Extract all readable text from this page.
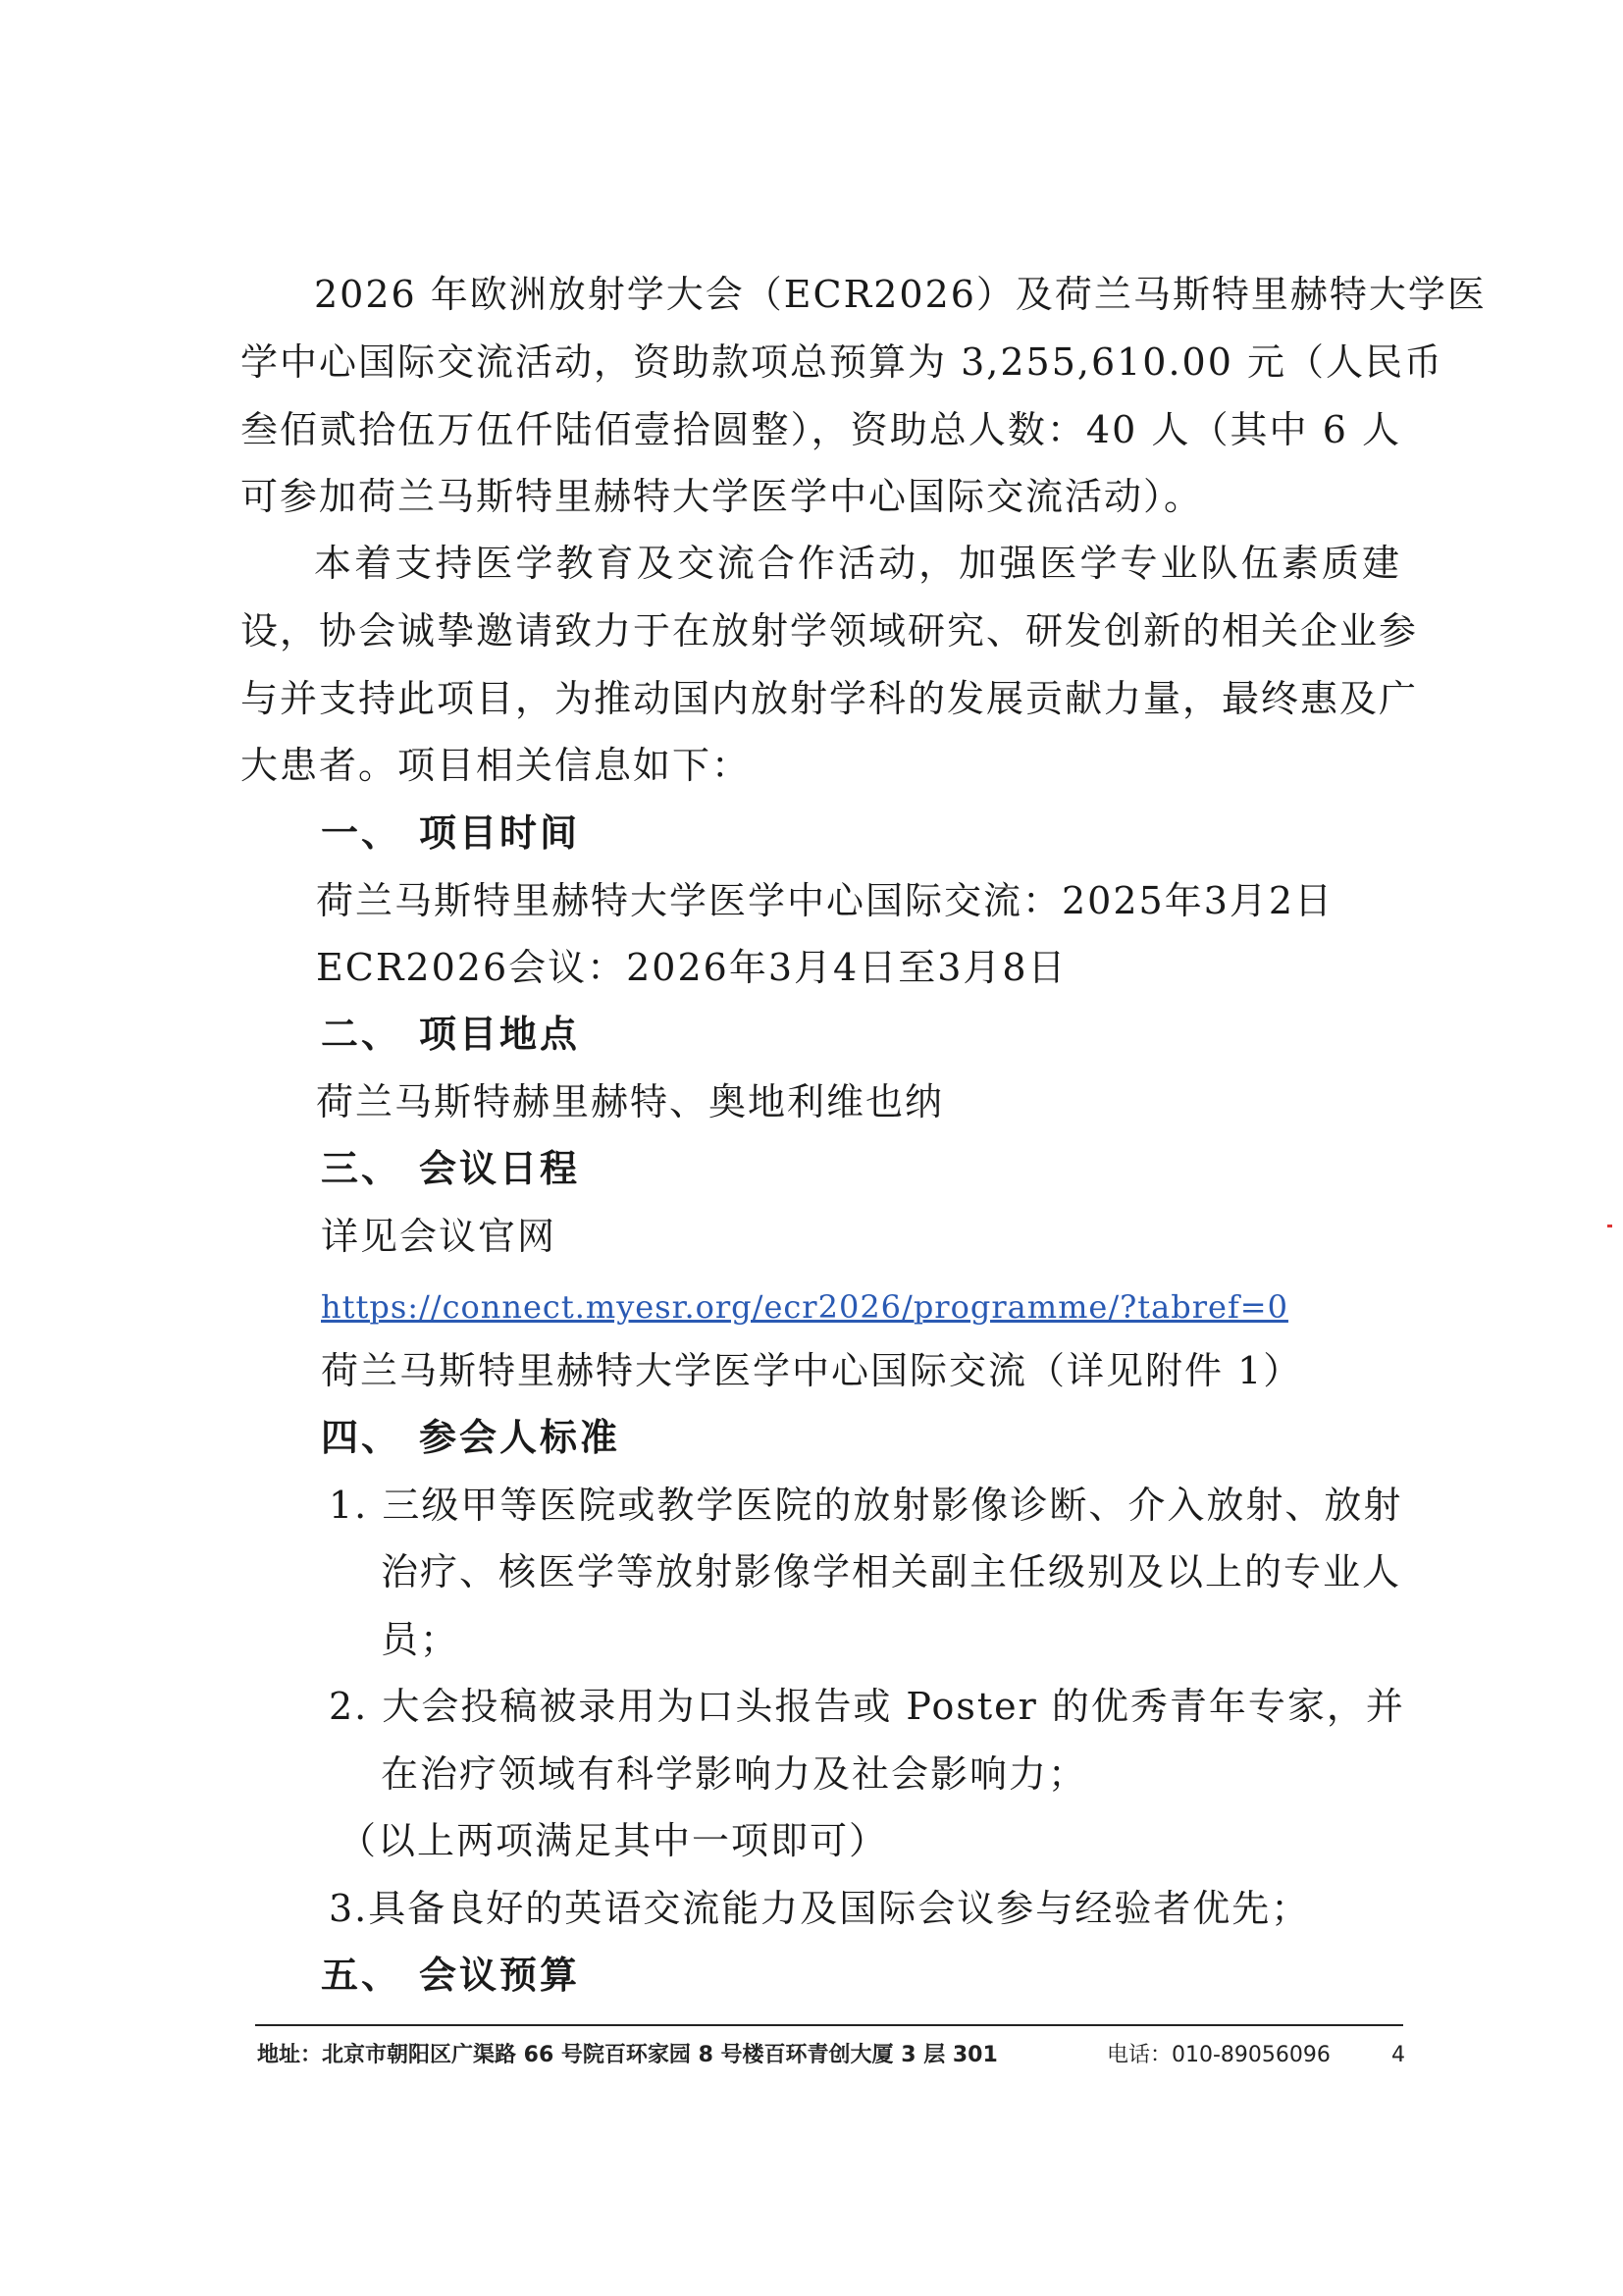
2026 年欧洲放射学大会（ECR2026）及荷兰马斯特里赫特大学医
学中心国际交流活动，资助款项总预算为 3,255,610.00 元（人民币
叁佰贰拾伍万伍仟陆佰壹拾圆整），资助总人数：40 人（其中 6 人
可参加荷兰马斯特里赫特大学医学中心国际交流活动）。
本着支持医学教育及交流合作活动，加强医学专业队伍素质建
设，协会诚挚邀请致力于在放射学领域研究、研发创新的相关企业参
与并支持此项目，为推动国内放射学科的发展贡献力量，最终惠及广
大患者。项目相关信息如下：
一、 项目时间
荷兰马斯特里赫特大学医学中心国际交流：2025年3月2日
ECR2026会议：2026年3月4日至3月8日
二、 项目地点
荷兰马斯特赫里赫特、奥地利维也纳
三、 会议日程
详见会议官网
https://connect.myesr.org/ecr2026/programme/?tabref=0
荷兰马斯特里赫特大学医学中心国际交流（详见附件 1）
四、 参会人标准
1. 三级甲等医院或教学医院的放射影像诊断、介入放射、放射
治疗、核医学等放射影像学相关副主任级别及以上的专业人
员；
2. 大会投稿被录用为口头报告或 Poster 的优秀青年专家，并
在治疗领域有科学影响力及社会影响力；
（以上两项满足其中一项即可）
3.具备良好的英语交流能力及国际会议参与经验者优先；
五、 会议预算
地址：北京市朝阳区广渠路 66 号院百环家园 8 号楼百环青创大厦 3 层 301	电话：010-89056096	4
